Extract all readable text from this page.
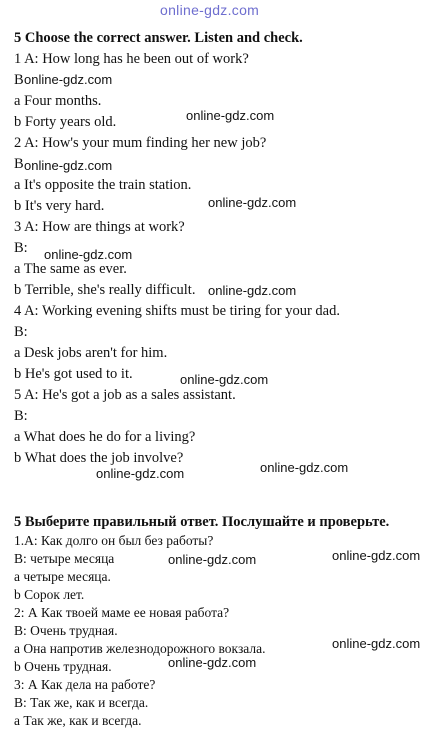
online-gdz.com
5 Choose the correct answer. Listen and check.
1 A: How long has he been out of work?
B
a Four months.
b Forty years old.
2 A: How's your mum finding her new job?
B
a It's opposite the train station.
b It's very hard.
3 A: How are things at work?
B:
a The same as ever.
b Terrible, she's really difficult.
4 A: Working evening shifts must be tiring for your dad.
B:
a Desk jobs aren't for him.
b He's got used to it.
5 A: He's got a job as a sales assistant.
B:
a What does he do for a living?
b What does the job involve?
5 Выберите правильный ответ. Послушайте и проверьте.
1.А: Как долго он был без работы?
В: четыре месяца
а четыре месяца.
b Сорок лет.
2: А Как твоей маме ее новая работа?
В: Очень трудная.
а Она напротив железнодорожного вокзала.
b Очень трудная.
3: А Как дела на работе?
В: Так же, как и всегда.
а Так же, как и всегда.
online-gdz.com
online-gdz.com
online-gdz.com
online-gdz.com
online-gdz.com
online-gdz.com
online-gdz.com
online-gdz.com
online-gdz.com
online-gdz.com
online-gdz.com
online-gdz.com
online-gdz.com
